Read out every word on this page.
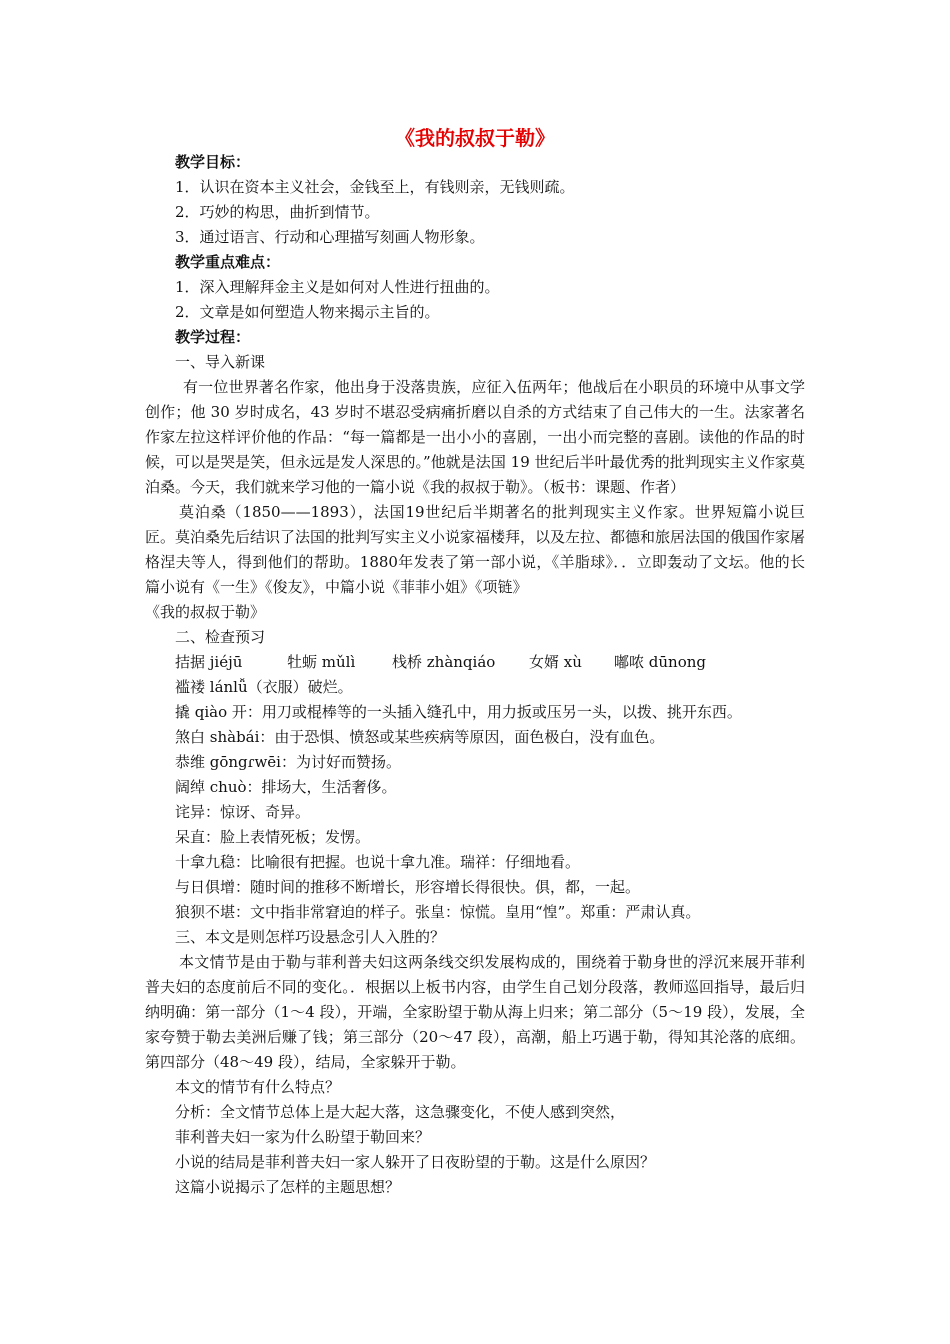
《我的叔叔于勒》
教学目标：
1．认识在资本主义社会，金钱至上，有钱则亲，无钱则疏。
2．巧妙的构思，曲折到情节。
3．通过语言、行动和心理描写刻画人物形象。
教学重点难点：
1．深入理解拜金主义是如何对人性进行扭曲的。
2．文章是如何塑造人物来揭示主旨的。
教学过程：
一、导入新课
有一位世界著名作家，他出身于没落贵族，应征入伍两年；他战后在小职员的环境中从事文学创作；他 30 岁时成名，43 岁时不堪忍受病痛折磨以自杀的方式结束了自己伟大的一生。法家著名作家左拉这样评价他的作品：“每一篇都是一出小小的喜剧，一出小而完整的喜剧。读他的作品的时候，可以是哭是笑，但永远是发人深思的。”他就是法国 19 世纪后半叶最优秀的批判现实主义作家莫泊桑。今天，我们就来学习他的一篇小说《我的叔叔于勒》。（板书：课题、作者）
莫泊桑（1850——1893），法国19世纪后半期著名的批判现实主义作家。世界短篇小说巨匠。莫泊桑先后结识了法国的批判写实主义小说家福楼拜，以及左拉、都德和旅居法国的俄国作家屠格涅夫等人，得到他们的帮助。1880年发表了第一部小说，《羊脂球》．．立即轰动了文坛。他的长篇小说有《一生》《俊友》，中篇小说《菲菲小姐》《项链》
《我的叔叔于勒》
二、检查预习
拮据 jiéjū	牡蛎 mǔlì 栈桥 zhànqiáo 女婿 xù 嘟哝 dūnong
褴褛 lánlǚ（衣服）破烂。
撬 qiào 开：用刀或棍棒等的一头插入缝孔中，用力扳或压另一头，以拨、挑开东西。
煞白 shàbái：由于恐惧、愤怒或某些疾病等原因，面色极白，没有血色。
恭维 gōngɾwēi：为讨好而赞扬。
阔绰 chuò：排场大，生活奢侈。
诧异：惊讶、奇异。
呆直：脸上表情死板；发愣。
十拿九稳：比喻很有把握。也说十拿九准。瑞祥：仔细地看。
与日俱增：随时间的推移不断增长，形容增长得很快。俱，都，一起。
狼狈不堪：文中指非常窘迫的样子。张皇：惊慌。皇用“惶”。郑重：严肃认真。
三、本文是则怎样巧设悬念引人入胜的？
本文情节是由于勒与菲利普夫妇这两条线交织发展构成的，围绕着于勒身世的浮沉来展开菲利普夫妇的态度前后不同的变化。．根据以上板书内容，由学生自己划分段落，教师巡回指导，最后归纳明确：第一部分（1～4 段），开端，全家盼望于勒从海上归来；第二部分（5～19 段），发展，全家夸赞于勒去美洲后赚了钱；第三部分（20～47 段），高潮，船上巧遇于勒，得知其沦落的底细。第四部分（48～49 段），结局，全家躲开于勒。
本文的情节有什么特点？
分析：全文情节总体上是大起大落，这急骤变化，不使人感到突然，
菲利普夫妇一家为什么盼望于勒回来？
小说的结局是菲利普夫妇一家人躲开了日夜盼望的于勒。这是什么原因？
这篇小说揭示了怎样的主题思想？
